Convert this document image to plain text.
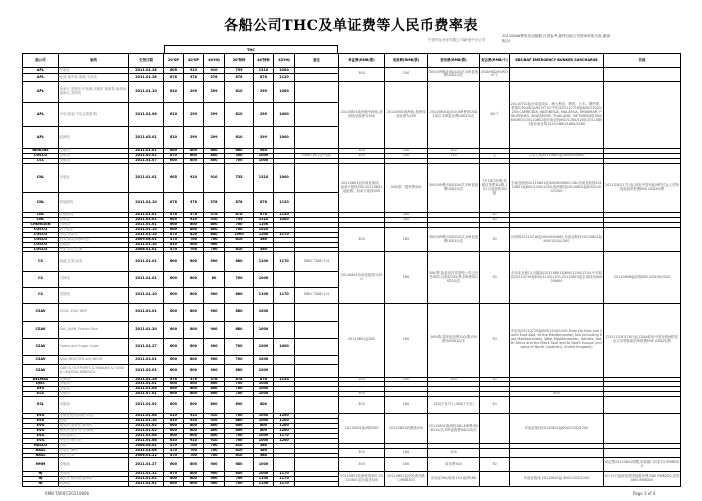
各船公司THC及单证费等人民币费率表
中国外运华东有限公司新是中分公司
20110806费率变动频繁,仅供参考,最终以船公司账单收取为准,谢谢配合!
THC
船公司	航线	生效日期	20'GP	40'GP	40'HQ	20'特种	40'特种	45'HQ	备注	单证费(RMB/票)	电放费(RMB/票)	更改费(RMB/票)	封志费(RMB/个)	EBS/BAF EMERGENCY BUNKER SURCHARGE	其他
APL	东南亚	2011.01.26	605	910	910	735	1310	1000		300	250	300,EIR修改USD10/次,EIR更改费USD10/次	USD/HKD/EUR/30/个		
APL	欧洲,地中海,黑海,中东线	2011.01.26	878	378	378	878	878	1120							
APL	加拿大,美墨东,中美洲,美墨东,墨西哥,南美西,加勒比,美国线	2011.01.10	610	299	299	610	299	1000		20110801欧洲地中海线,美洲线至欧洲为300	20110801欧洲线,美洲线至欧洲为250	20110801起300,EIR费用USD10/次,EIR更改费USD10/次	40/个	20110701起东南亚线JC、澳大利亚、韩国、日本、俄罗斯、菲律宾300/610/610/770;中东线20110718起600/1200/1200;CAMBODIA, INDONESIA, MALAYSIA, MYANMAR, PHILIPPINES, SINGAPORE, THAILAND, VIETNAM加收300/600/600;20110802起东南亚线600/1200/1200;20110801起东南亚线1320/1680/1680/2080	
APL	中东/南亚(不包含波斯湾)	2011.01.06	610	299	299	610	299	1000							
APL	欧洲线	2011.05.01	610	299	299	610	299	1000							
BENLINE	全航线	2011.01.01	600	800	800	680	960			300	180	200			
COSCO	全航线	2011.02.01	870	800	800	300	1000		RMB THC(含外拖)	300	180	150	无	日本关西20110801起300/600/600	
CSC	全航线	2011.01.07	600	800	800	700	1000								
CNL	东南亚	2011.01.01	605	910	910	735	1310	1000		20110801起东南亚航线、加拿大航线300,20110801起欧洲、加拿大航线300	300/第二提单费300	300,EIR费用USD10/次,EIR更改费USD10/次	7月18日收费,如需封签钳30/箱,1月1日起加收30/箱	东南亚航线20110801起300/600/600,CNL东南亚航线20110801起600/1200/1200,欧洲航线20110801起600/1200/1200	2011年8月17日起,收取中国至欧洲的托运人货物装船前申报费ENS USD30/票
CNL	其他航线	2011.01.10	878	378	378	878	878	1120							
CNC	其他航线	2011.01.01	878	378	378	878	878	1120			280		30		
CNC	东南亚	2011.01.01	605	910	910	735	1310	1000			280		30		
CHENGXIN	日韩线	2011.01.01	600	800	800	700	1100								
COSCO	沪上地区	2011.01.10	600	800	800	700	1020			300	180	300,EIR费用USD10/次,EIR更改费USD10/次	30	台湾线20110718起300/600/600,东南亚航线20110801起600/1200/1200	
COSCO	美国,加拿大	2011.01.10	870	820	800	1000	1200	1170							
COSCO	日本,韩国,澳洲转运	2009.08.01	470	700	700	810	380								
COSCO	欧地线	2011.01.10	610	900	900										
COSCO	中东,印巴,红海	2006.01.01	470	700	700	810	380								
CS	欧地,北美,南美	2011.01.01	600	800	900	680	1100	1170	EBKC TAKE:1/4	20110801东南亚航线为300	180	300/票,如更改内容需船公司已经签单的,另收取200/票,EIR费用USD10/次	30	东南亚各港口(含越南)20110801起600/1200/1200,中东航线20110715起600/1200/1200,20110815起台湾线300/600/600	20110806起收取EBS USD150/200
CS	日韩线	2011.01.01	600	800	80	700	1000								
CS	美国线	2011.01.10	600	800	900	680	1100	1170	EBKC TAKE:1/4						
CSAV	ECSA, ESA/ WLP	2011.02.01	600	800	900	680	1000			20110801起300	180	180/票,提单更改费200/票,EIR费用USD10/次	30	中东线20110720起600/1200/1200 From Far East and South East Asia, to the Mediterranean Sea (including East Mediterranean, West Mediterranean, Adriatic, North Africa and the Black Sea) and to North Europe (inclusive of North Continent, United Kingdom)	自2011年8月18日起,CSAV收取中国至欧洲的托运人货物装船前申报费ENS USD25/票
CSAV	SAV_JUAN, Puerto Rico	2011.01.20	600	800	900	680	1000								
CSAV	Codes and Sugar Coles	2011.01.27	600	800	900	700	1000	1000							
CSAV	ASIA MED/TEN and NEUR	2011.02.01	600	800	900	700	1000								
CSAV	CARI & OUTPORTS & PANAMA & CUBA & CENTRAL AMERICA	2011.02.01	600	800	900	680	1000								
DELMAS	非洲线	2011.01.26	878	378	378	878	878	1120		300	180	180	30		
DJSC	全航线	2011.01.01	600	800	800	700	1000								
DYS	全航线	2011.01.08	600	800	800	700	1000								
ELS	全航线	2011.07.01	600	800	800	700	1000			300				400	
ESL	全航线	2011.01.02	600	800	800	600	800			300	180	150(不足7日),300(7天后)	40		
EVG	东南亚(包括香港,印度)	2011.01.08	610	910	910	700	1000	1200		20110801欧洲线300	20110801欧洲线250	20110801欧洲线180,EIR费用USD10/次,EIR更改费USD10/次		东南亚航线20110801起600/1200/1200	
EVG	欧地	2011.01.10	610	910	910	660	1000	1200							
EVG	南美西,加勒比,墨西哥	2011.01.02	600	800	800	600	800	1200							
EVG	南美东,南非,东非,澳洲	2011.01.02	600	800	800	600	800	1200							
EVG	美国加拿大	2011.01.08	600	800	800	700	1000	1170							
EVG	中东,红海,印巴	2011.01.08	610	910	910	700	1000	1200							
HASCO	台湾	2006.08.01	470	700	700	810	380								
HASL	东南亚,澳洲	2011.01.08	470	700	700	810	380			300	180	300			
HASL	韩国,日本	2006.01.22	470	700	700	810	380								
HMM	全航线	2011.01.27	600	800	900	680	1000			300	180	改单费300	30		单证费20110801调整,如需港口封条另计RMB300
HJ	美国线	2011.01.31	870	800	900	650	1000	1170		20110801欧洲航线300,20110801起东南亚300	20110801起至欧洲各港口RMB300	东南亚300/改单150,欧洲180		东南亚航线 20110801起 600/1200/1200	8月15日起收取美国线舱单费,ENS RMB200,美国AMS RMB300
HJ	南美东,南美西,墨西哥	2011.01.01	600	800	900	700	1100	1170							
HJ	欧洲线	2011.01.01	600	800	900	700	1100	1170							
RMB TARIFF20110806	Page 1 of 4
